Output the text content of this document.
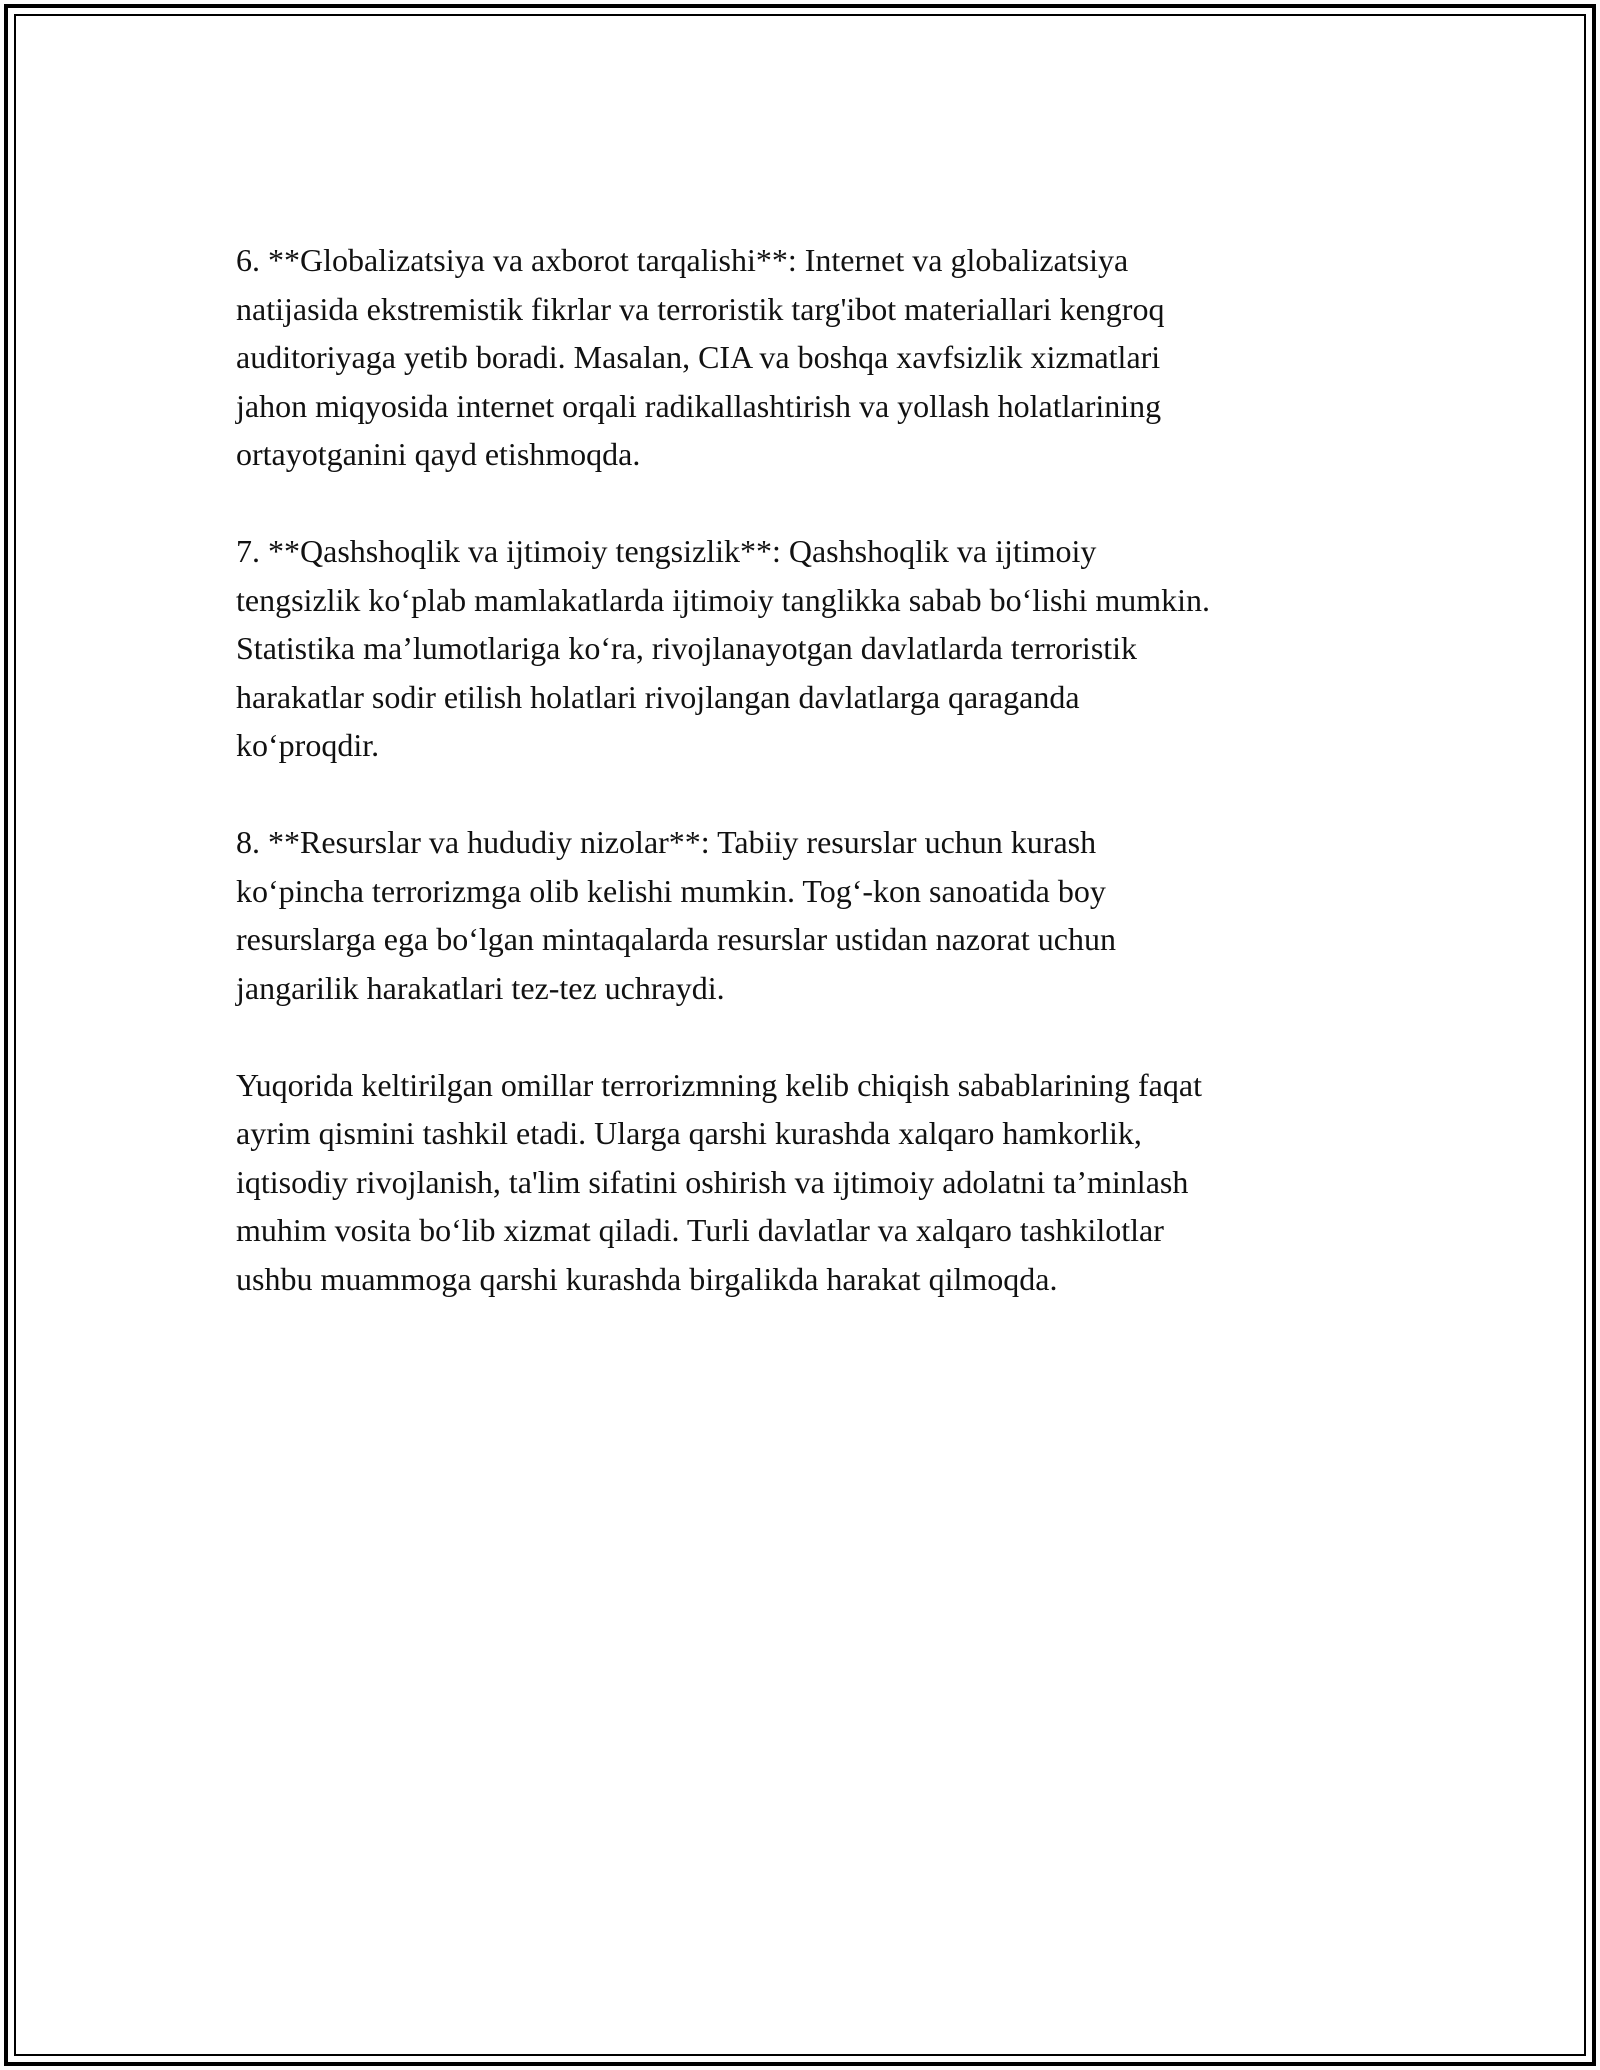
6. **Globalizatsiya va axborot tarqalishi**: Internet va globalizatsiya
natijasida ekstremistik fikrlar va terroristik targ'ibot materiallari kengroq
auditoriyaga yetib boradi. Masalan, CIA va boshqa xavfsizlik xizmatlari
jahon miqyosida internet orqali radikallashtirish va yollash holatlarining
ortayotganini qayd etishmoqda.

7. **Qashshoqlik va ijtimoiy tengsizlik**: Qashshoqlik va ijtimoiy
tengsizlik ko‘plab mamlakatlarda ijtimoiy tanglikka sabab bo‘lishi mumkin.
Statistika ma’lumotlariga ko‘ra, rivojlanayotgan davlatlarda terroristik
harakatlar sodir etilish holatlari rivojlangan davlatlarga qaraganda
ko‘proqdir.

8. **Resurslar va hududiy nizolar**: Tabiiy resurslar uchun kurash
ko‘pincha terrorizmga olib kelishi mumkin. Tog‘-kon sanoatida boy
resurslarga ega bo‘lgan mintaqalarda resurslar ustidan nazorat uchun
jangarilik harakatlari tez-tez uchraydi.

Yuqorida keltirilgan omillar terrorizmning kelib chiqish sabablarining faqat
ayrim qismini tashkil etadi. Ularga qarshi kurashda xalqaro hamkorlik,
iqtisodiy rivojlanish, ta'lim sifatini oshirish va ijtimoiy adolatni ta’minlash
muhim vosita bo‘lib xizmat qiladi. Turli davlatlar va xalqaro tashkilotlar
ushbu muammoga qarshi kurashda birgalikda harakat qilmoqda.
